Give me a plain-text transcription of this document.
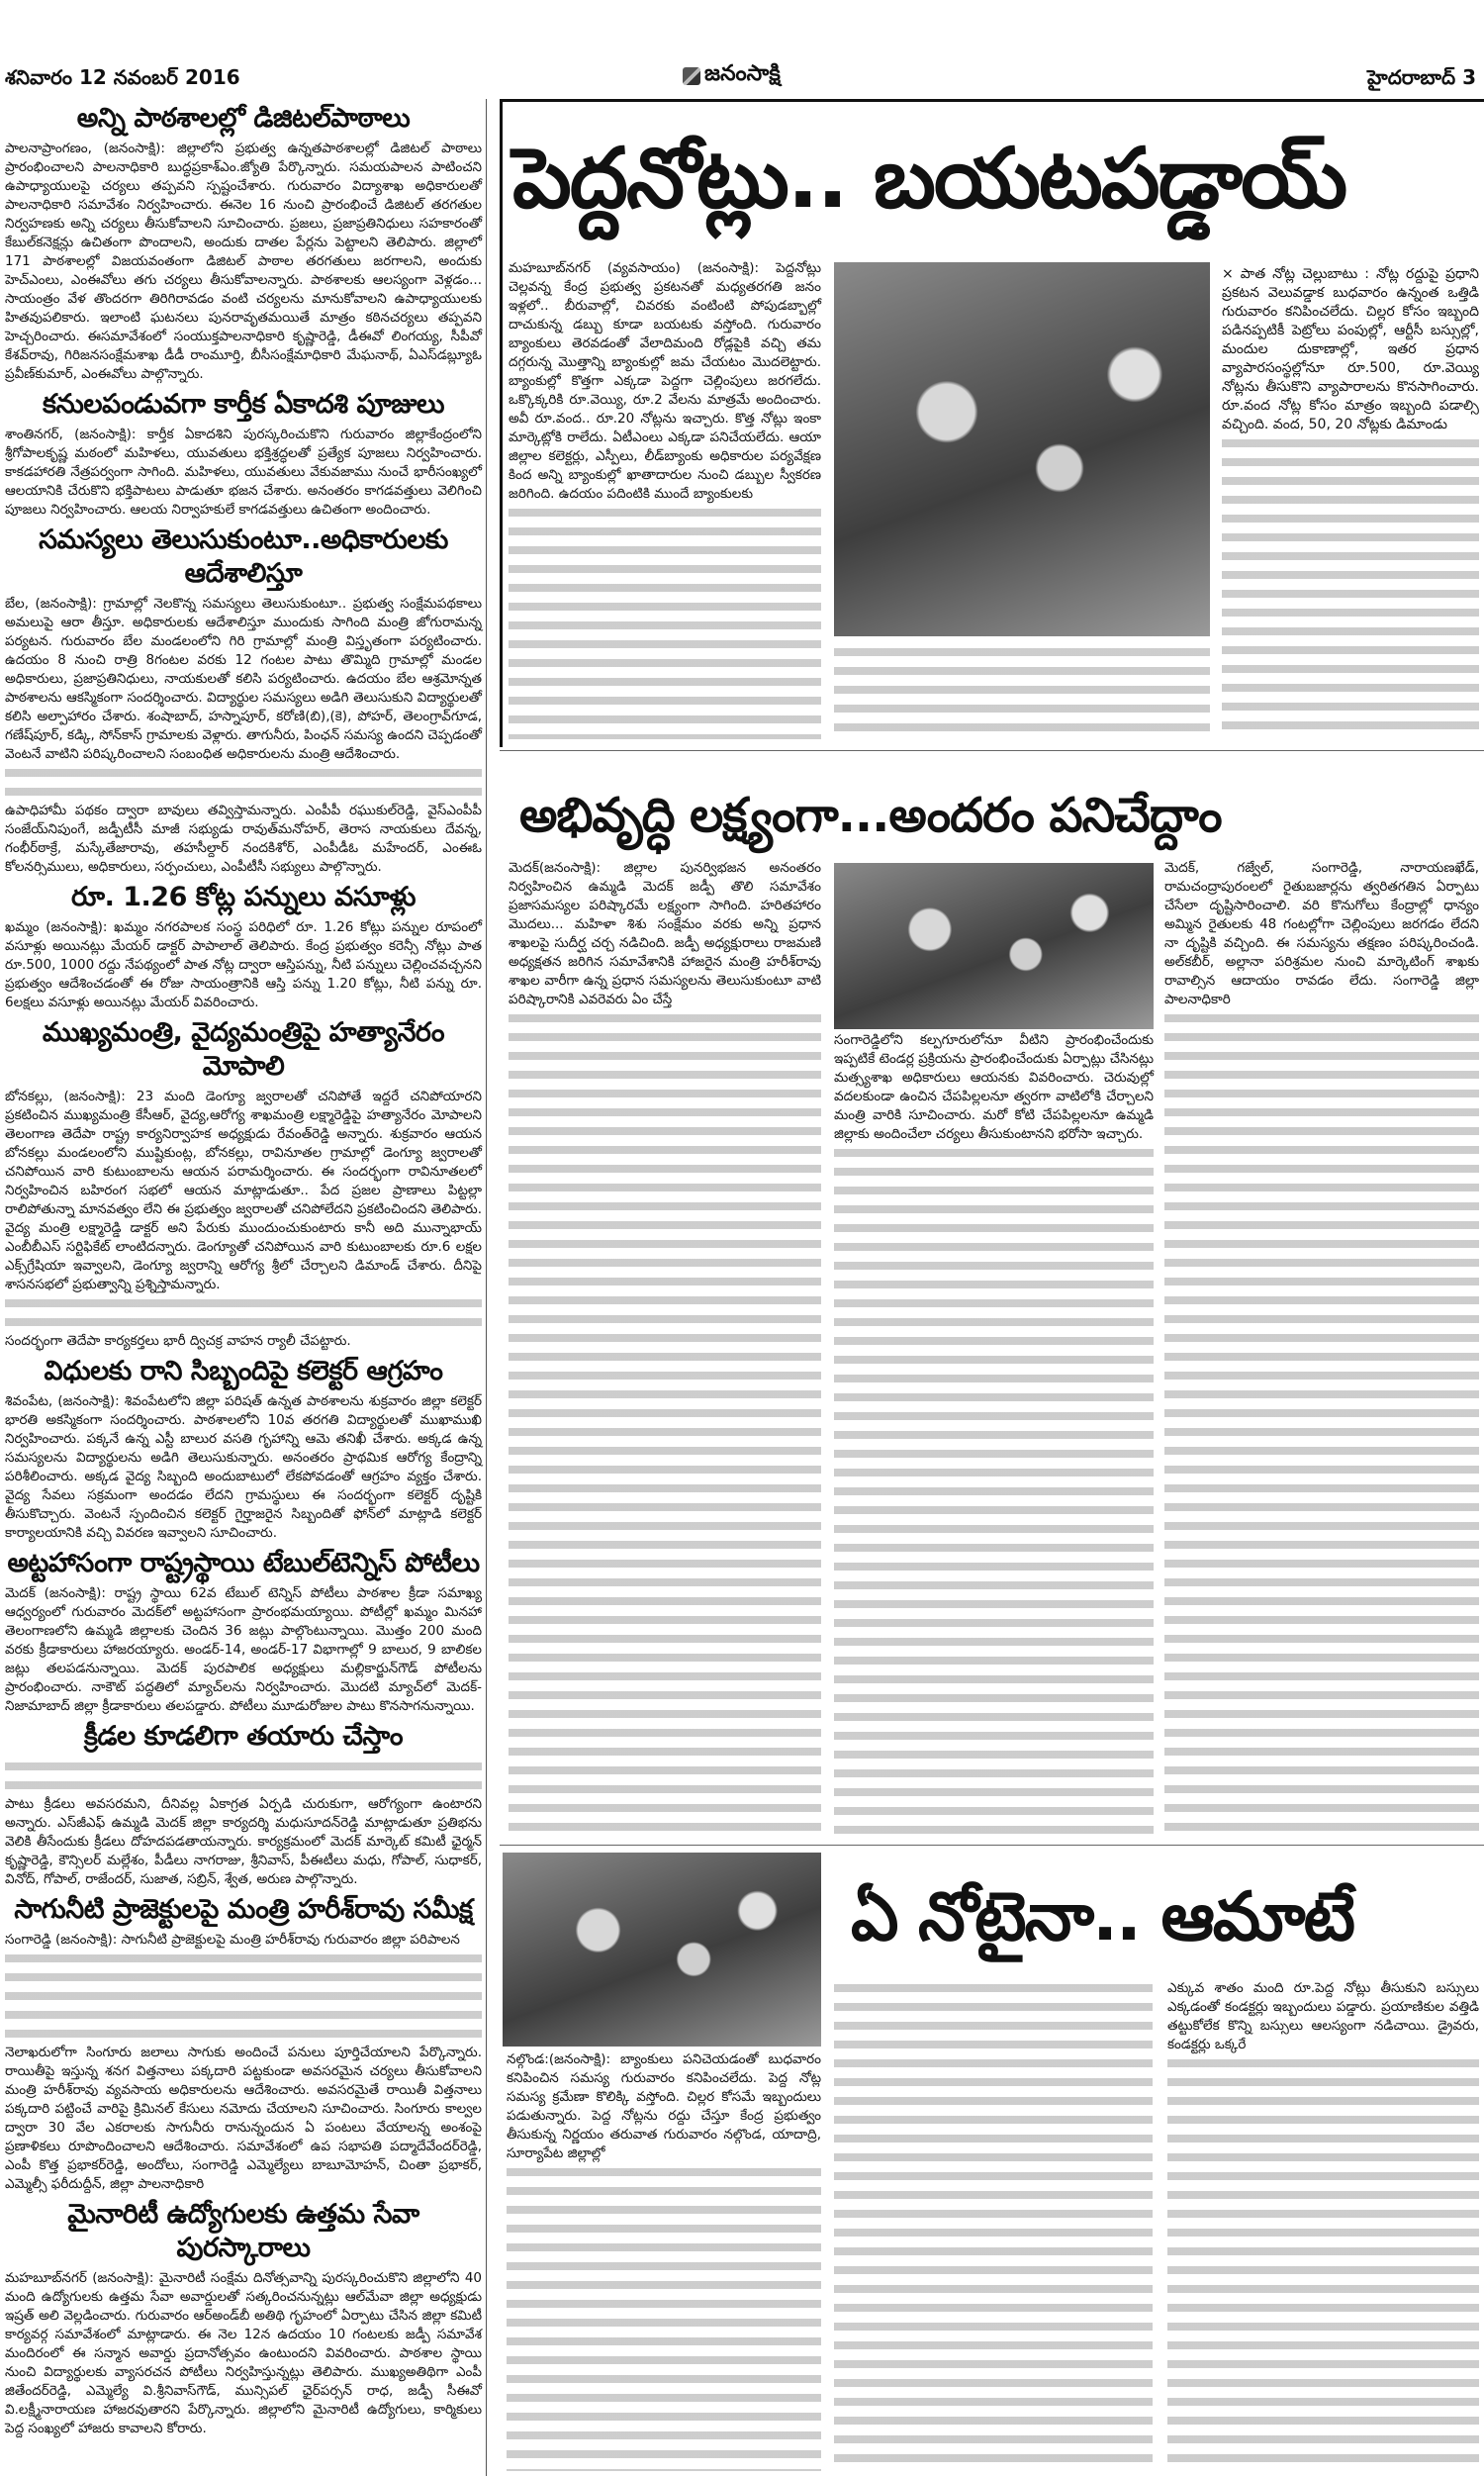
శనివారం 12 నవంబర్ 2016	జనంసాక్షి	హైదరాబాద్ 3
అన్ని పాఠశాలల్లో డిజిటల్‌పాఠాలు

పాలనాప్రాంగణం, (జనంసాక్షి): జిల్లాలోని ప్రభుత్వ ఉన్నతపాఠశాలల్లో డిజిటల్ పాఠాలు ప్రారంభించాలని పాలనాధికారి బుద్ధప్రకాశ్‌ఎం.జ్యోతి పేర్కొన్నారు. సమయపాలన పాటించని ఉపాధ్యాయులపై చర్యలు తప్పవని స్పష్టంచేశారు. గురువారం విద్యాశాఖ అధికారులతో పాలనాధికారి సమావేశం నిర్వహించారు. ఈనెల 16 నుంచి ప్రారంభించే డిజిటల్ తరగతుల నిర్వహణకు అన్ని చర్యలు తీసుకోవాలని సూచించారు. ప్రజలు, ప్రజాప్రతినిధులు సహకారంతో కేబుల్‌కనెక్షన్లు ఉచితంగా పొందాలని, అందుకు దాతల పేర్లను పెట్టాలని తెలిపారు. జిల్లాలో 171 పాఠశాలల్లో విజయవంతంగా డిజిటల్ పాఠాల తరగతులు జరగాలని, అందుకు హెచ్‌ఎంలు, ఎంఈవోలు తగు చర్యలు తీసుకోవాలన్నారు. పాఠశాలకు ఆలస్యంగా వెళ్లడం... సాయంత్రం వేళ తొందరగా తిరిగిరావడం వంటి చర్యలను మానుకోవాలని ఉపాధ్యాయులకు హితవుపలికారు. ఇలాంటి ఘటనలు పునరావృతమయితే మాత్రం కఠినచర్యలు తప్పవని హెచ్చరించారు. ఈసమావేశంలో సంయుక్తపాలనాధికారి కృష్ణారెడ్డి, డీఈవో లింగయ్య, సీపీవో కేశవ్‌రావు, గిరిజనసంక్షేమశాఖ డీడీ రాంమూర్తి, బీసీసంక్షేమాధికారి మేఘనాథ్, ఏఎస్‌డబ్ల్యూఓ ప్రవీణ్‌కుమార్, ఎంఈవోలు పాల్గొన్నారు.

కనులపండువగా కార్తీక ఏకాదశి పూజులు

శాంతినగర్, (జనంసాక్షి): కార్తీక ఏకాదశిని పురస్కరించుకొని గురువారం జిల్లాకేంద్రంలోని శ్రీగోపాలకృష్ణ మఠంలో మహిళలు, యువతులు భక్తిశ్రద్ధలతో ప్రత్యేక పూజలు నిర్వహించారు. కాకడహారతి నేత్రపర్వంగా సాగింది. మహిళలు, యువతులు వేకువజాము నుంచే భారీసంఖ్యలో ఆలయానికి చేరుకొని భక్తిపాటలు పాడుతూ భజన చేశారు. అనంతరం కాగడవత్తులు వెలిగించి పూజలు నిర్వహించారు. ఆలయ నిర్వాహకులే కాగడవత్తులు ఉచితంగా అందించారు.

సమస్యలు తెలుసుకుంటూ..అధికారులకు ఆదేశాలిస్తూ

బేల, (జనంసాక్షి): గ్రామాల్లో నెలకొన్న సమస్యలు తెలుసుకుంటూ.. ప్రభుత్వ సంక్షేమపథకాలు అమలుపై ఆరా తీస్తూ. అధికారులకు ఆదేశాలిస్తూ ముందుకు సాగింది మంత్రి జోగురామన్న పర్యటన. గురువారం బేల మండలంలోని గిరి గ్రామాల్లో మంత్రి విస్తృతంగా పర్యటించారు. ఉదయం 8 నుంచి రాత్రి 8గంటల వరకు 12 గంటల పాటు తొమ్మిది గ్రామాల్లో మండల అధికారులు, ప్రజాప్రతినిధులు, నాయకులతో కలిసి పర్యటించారు. ఉదయం బేల ఆశ్రమోన్నత పాఠశాలను ఆకస్మికంగా సందర్శించారు. విద్యార్థుల సమస్యలు అడిగి తెలుసుకుని విద్యార్థులతో కలిసి అల్పాహారం చేశారు. శంషాబాద్, హస్నాపూర్, కరోణి(బి),(కె), పోహర్, తెలంగ్రావ్‌గూడ, గణేష్‌పూర్, కడ్కి, సోన్‌కాస్ గ్రామాలకు వెళ్లారు. తాగునీరు, పింఛన్ సమస్య ఉందని చెప్పడంతో వెంటనే వాటిని పరిష్కరించాలని సంబంధిత అధికారులను మంత్రి ఆదేశించారు.

ఉపాధిహామీ పథకం ద్వారా బావులు తవ్విస్తామన్నారు. ఎంపీపీ రఘుకుల్‌రెడ్డి, వైస్‌ఎంపీపీ సంజేయ్‌నిపుంగే, జడ్పీటీసీ మాజీ సభ్యుడు రావుత్‌మనోహర్, తెరాస నాయకులు దేవన్న, గంభీర్‌ఠాక్రే, మస్కేతేజారావు, తహసీల్దార్ నందకిశోర్, ఎంపీడీఓ మహేందర్, ఎంఈఓ కోలనర్సిములు, అధికారులు, సర్పంచులు, ఎంపీటీసీ సభ్యులు పాల్గొన్నారు.

రూ. 1.26 కోట్ల పన్నులు వసూళ్లు

ఖమ్మం (జనంసాక్షి): ఖమ్మం నగరపాలక సంస్థ పరిధిలో రూ. 1.26 కోట్లు పన్నుల రూపంలో వసూళ్లు అయినట్లు మేయర్ డాక్టర్ పాపాలాల్ తెలిపారు. కేంద్ర ప్రభుత్వం కరెన్సీ నోట్లు పాత రూ.500, 1000 రద్దు నేపథ్యంలో పాత నోట్ల ద్వారా ఆస్తిపన్ను, నీటి పన్నులు చెల్లించవచ్చనని ప్రభుత్వం ఆదేశించడంతో ఈ రోజు సాయంత్రానికి ఆస్తి పన్ను 1.20 కోట్లు, నీటి పన్ను రూ. 6లక్షలు వసూళ్లు అయినట్లు మేయర్ వివరించారు.

ముఖ్యమంత్రి, వైద్యమంత్రిపై హత్యానేరం మోపాలి

బోనకల్లు, (జనంసాక్షి): 23 మంది డెంగ్యూ జ్వరాలతో చనిపోతే ఇద్దరే చనిపోయారని ప్రకటించిన ముఖ్యమంత్రి కేసీఆర్, వైద్య,ఆరోగ్య శాఖమంత్రి లక్ష్మారెడ్డిపై హత్యానేరం మోపాలని తెలంగాణ తెదేపా రాష్ట్ర కార్యనిర్వాహక అధ్యక్షుడు రేవంత్‌రెడ్డి అన్నారు. శుక్రవారం ఆయన బోనకల్లు మండలంలోని ముష్టికుంట్ల, బోనకల్లు, రావినూతల గ్రామాల్లో డెంగ్యూ జ్వరాలతో చనిపోయిన వారి కుటుంబాలను ఆయన పరామర్శించారు. ఈ సందర్భంగా రావినూతలలో నిర్వహించిన బహిరంగ సభలో ఆయన మాట్లాడుతూ.. పేద ప్రజల ప్రాణాలు పిట్టల్లా రాలిపోతున్నా మానవత్వం లేని ఈ ప్రభుత్వం జ్వరాలతో చనిపోలేదని ప్రకటించిందని తెలిపారు. వైద్య మంత్రి లక్ష్మారెడ్డి డాక్టర్ అని పేరుకు ముందుంచుకుంటారు కానీ అది మున్నాభాయ్ ఎంబీబీఎస్ సర్టిఫికేట్ లాంటిదన్నారు. డెంగ్యూతో చనిపోయిన వారి కుటుంబాలకు రూ.6 లక్షల ఎక్స్‌గ్రేషియా ఇవ్వాలని, డెంగ్యూ జ్వరాన్ని ఆరోగ్య శ్రీలో చేర్చాలని డిమాండ్ చేశారు. దీనిపై శాసనసభలో ప్రభుత్వాన్ని ప్రశ్నిస్తామన్నారు.

సందర్భంగా తెదేపా కార్యకర్తలు భారీ ద్విచక్ర వాహన ర్యాలీ చేపట్టారు.

విధులకు రాని సిబ్బందిపై కలెక్టర్ ఆగ్రహం

శివంపేట, (జనంసాక్షి): శివంపేటలోని జిల్లా పరిషత్ ఉన్నత పాఠశాలను శుక్రవారం జిల్లా కలెక్టర్ భారతి అకస్మికంగా సందర్శించారు. పాఠశాలలోని 10వ తరగతి విద్యార్థులతో ముఖాముఖి నిర్వహించారు. పక్కనే ఉన్న ఎస్టీ బాలుర వసతి గృహాన్ని ఆమె తనిఖీ చేశారు. అక్కడ ఉన్న సమస్యలను విద్యార్థులను అడిగి తెలుసుకున్నారు. అనంతరం ప్రాథమిక ఆరోగ్య కేంద్రాన్ని పరిశీలించారు. అక్కడ వైద్య సిబ్బంది అందుబాటులో లేకపోవడంతో ఆగ్రహం వ్యక్తం చేశారు. వైద్య సేవలు సక్రమంగా అందడం లేదని గ్రామస్థులు ఈ సందర్భంగా కలెక్టర్ దృష్టికి తీసుకొచ్చారు. వెంటనే స్పందించిన కలెక్టర్ గైర్హాజరైన సిబ్బందితో ఫోన్‌లో మాట్లాడి కలెక్టర్ కార్యాలయానికి వచ్చి వివరణ ఇవ్వాలని సూచించారు.

అట్టహాసంగా రాష్ట్రస్థాయి టేబుల్‌టెన్నిస్ పోటీలు

మెదక్ (జనంసాక్షి): రాష్ట్ర స్థాయి 62వ టేబుల్ టెన్నిస్ పోటీలు పాఠశాల క్రీడా సమాఖ్య ఆధ్వర్యంలో గురువారం మెదక్‌లో అట్టహాసంగా ప్రారంభమయ్యాయి. పోటీల్లో ఖమ్మం మినహా తెలంగాణలోని ఉమ్మడి జిల్లాలకు చెందిన 36 జట్లు పాల్గొంటున్నాయి. మొత్తం 200 మంది వరకు క్రీడాకారులు హాజరయ్యారు. అండర్-14, అండర్-17 విభాగాల్లో 9 బాలుర, 9 బాలికల జట్లు తలపడనున్నాయి. మెదక్ పురపాలిక అధ్యక్షులు మల్లికార్జున్‌గౌడ్ పోటీలను ప్రారంభించారు. నాకౌట్ పద్ధతిలో మ్యాచ్‌లను నిర్వహించారు. మొదటి మ్యాచ్‌లో మెదక్-నిజామాబాద్ జిల్లా క్రీడాకారులు తలపడ్డారు. పోటీలు మూడురోజుల పాటు కొనసాగనున్నాయి.

క్రీడల కూడలిగా తయారు చేస్తాం

పాటు క్రీడలు అవసరమని, దీనివల్ల ఏకాగ్రత ఏర్పడి చురుకుగా, ఆరోగ్యంగా ఉంటారని అన్నారు. ఎస్‌జీఎఫ్ ఉమ్మడి మెదక్ జిల్లా కార్యదర్శి మధుసూదన్‌రెడ్డి మాట్లాడుతూ ప్రతిభను వెలికి తీసేందుకు క్రీడలు దోహదపడతాయన్నారు. కార్యక్రమంలో మెదక్ మార్కెట్ కమిటీ ఛైర్మన్ కృష్ణారెడ్డి, కౌన్సిలర్ మల్లేశం, పీడీలు నాగరాజు, శ్రీనివాస్, పీఈటీలు మధు, గోపాల్, సుధాకర్, వినోద్, గోపాల్, రాజేందర్, సుజాత, సబ్రిన్, శ్వేత, అరుణ పాల్గొన్నారు.

సాగునీటి ప్రాజెక్టులపై మంత్రి హరీశ్‌రావు సమీక్ష

సంగారెడ్డి (జనంసాక్షి): సాగునీటి ప్రాజెక్టులపై మంత్రి హరీశ్‌రావు గురువారం జిల్లా పరిపాలన

నెలాఖరులోగా సింగూరు జలాలు సాగుకు అందించే పనులు పూర్తిచేయాలని పేర్కొన్నారు. రాయితీపై ఇస్తున్న శనగ విత్తనాలు పక్కదారి పట్టకుండా అవసరమైన చర్యలు తీసుకోవాలని మంత్రి హరీశ్‌రావు వ్యవసాయ అధికారులను ఆదేశించారు. అవసరమైతే రాయితీ విత్తనాలు పక్కదారి పట్టించే వారిపై క్రిమినల్ కేసులు నమోదు చేయాలని సూచించారు. సింగూరు కాల్వల ద్వారా 30 వేల ఎకరాలకు సాగునీరు రానున్నందున ఏ పంటలు వేయాలన్న అంశంపై ప్రణాళికలు రూపొందించాలని ఆదేశించారు. సమావేశంలో ఉప సభాపతి పద్మాదేవేందర్‌రెడ్డి, ఎంపీ కొత్త ప్రభాకర్‌రెడ్డి, అందోలు, సంగారెడ్డి ఎమ్మెల్యేలు బాబూమోహన్, చింతా ప్రభాకర్, ఎమ్మెల్సీ ఫరీదుద్దీన్, జిల్లా పాలనాధికారి

మైనారిటీ ఉద్యోగులకు ఉత్తమ సేవా పురస్కారాలు

మహబూబ్‌నగర్ (జనంసాక్షి): మైనారిటీ సంక్షేమ దినోత్సవాన్ని పురస్కరించుకొని జిల్లాలోని 40 మంది ఉద్యోగులకు ఉత్తమ సేవా అవార్డులతో సత్కరించనున్నట్లు ఆల్‌మేవా జిల్లా అధ్యక్షుడు ఇష్రత్ అలి వెల్లడించారు. గురువారం ఆర్‌అండ్‌బీ అతిథి గృహంలో ఏర్పాటు చేసిన జిల్లా కమిటీ కార్యవర్గ సమావేశంలో మాట్లాడారు. ఈ నెల 12న ఉదయం 10 గంటలకు జడ్పీ సమావేశ మందిరంలో ఈ సన్మాన అవార్డు ప్రదానోత్సవం ఉంటుందని వివరించారు. పాఠశాల స్థాయి నుంచి విద్యార్థులకు వ్యాసరచన పోటీలు నిర్వహిస్తున్నట్లు తెలిపారు. ముఖ్యఅతిథిగా ఎంపీ జితేందర్‌రెడ్డి, ఎమ్మెల్యే వి.శ్రీనివాస్‌గౌడ్, మున్సిపల్ ఛైర్‌పర్సన్ రాధ, జడ్పీ సీఈవో వి.లక్ష్మీనారాయణ హాజరవుతారని పేర్కొన్నారు. జిల్లాలోని మైనారిటీ ఉద్యోగులు, కార్మికులు పెద్ద సంఖ్యలో హాజరు కావాలని కోరారు.

పెద్దనోట్లు.. బయటపడ్డాయ్

మహబూబ్‌నగర్ (వ్యవసాయం) (జనంసాక్షి): పెద్దనోట్లు చెల్లవన్న కేంద్ర ప్రభుత్వ ప్రకటనతో మధ్యతరగతి జనం ఇళ్లలో.. బీరువాల్లో, చివరకు వంటింటి పోపుడబ్బాల్లో దాచుకున్న డబ్బు కూడా బయటకు వస్తోంది. గురువారం బ్యాంకులు తెరవడంతో వేలాదిమంది రోడ్లపైకి వచ్చి తమ దగ్గరున్న మొత్తాన్ని బ్యాంకుల్లో జమ చేయటం మొదలెట్టారు. బ్యాంకుల్లో కొత్తగా ఎక్కడా పెద్దగా చెల్లింపులు జరగలేదు. ఒక్కొక్కరికి రూ.వెయ్యి, రూ.2 వేలను మాత్రమే అందించారు. అవీ రూ.వంద.. రూ.20 నోట్లను ఇచ్చారు. కొత్త నోట్లు ఇంకా మార్కెట్లోకి రాలేదు. ఏటీఎంలు ఎక్కడా పనిచేయలేదు. ఆయా జిల్లాల కలెక్టర్లు, ఎస్పీలు, లీడ్‌బ్యాంకు అధికారుల పర్యవేక్షణ కింద అన్ని బ్యాంకుల్లో ఖాతాదారుల నుంచి డబ్బుల స్వీకరణ జరిగింది. ఉదయం పదింటికి ముందే బ్యాంకులకు

× పాత నోట్ల చెల్లుబాటు : నోట్ల రద్దుపై ప్రధాని ప్రకటన వెలువడ్డాక బుధవారం ఉన్నంత ఒత్తిడి గురువారం కనిపించలేదు. చిల్లర కోసం ఇబ్బంది పడినప్పటికీ పెట్రోలు పంపుల్లో, ఆర్టీసీ బస్సుల్లో, మందుల దుకాణాల్లో, ఇతర ప్రధాన వ్యాపారసంస్థల్లోనూ రూ.500, రూ.వెయ్యి నోట్లను తీసుకొని వ్యాపారాలను కొనసాగించారు. రూ.వంద నోట్ల కోసం మాత్రం ఇబ్బంది పడాల్సి వచ్చింది. వంద, 50, 20 నోట్లకు డిమాండు

అభివృద్ధి లక్ష్యంగా...అందరం పనిచేద్దాం

మెదక్(జనంసాక్షి): జిల్లాల పునర్విభజన అనంతరం నిర్వహించిన ఉమ్మడి మెదక్ జడ్పీ తొలి సమావేశం ప్రజాసమస్యల పరిష్కారమే లక్ష్యంగా సాగింది. హరితహారం మొదలు... మహిళా శిశు సంక్షేమం వరకు అన్ని ప్రధాన శాఖలపై సుదీర్ఘ చర్చ నడిచింది. జడ్పీ అధ్యక్షురాలు రాజమణి అధ్యక్షతన జరిగిన సమావేశానికి హాజరైన మంత్రి హరీశ్‌రావు శాఖల వారీగా ఉన్న ప్రధాన సమస్యలను తెలుసుకుంటూ వాటి పరిష్కారానికి ఎవరెవరు ఏం చేస్తే

సంగారెడ్డిలోని కల్పగూరులోనూ వీటిని ప్రారంభించేందుకు ఇప్పటికే టెండర్ల ప్రక్రియను ప్రారంభించేందుకు ఏర్పాట్లు చేసినట్లు మత్స్యశాఖ అధికారులు ఆయనకు వివరించారు. చెరువుల్లో వదలకుండా ఉంచిన చేపపిల్లలనూ త్వరగా వాటిలోకి చేర్చాలని మంత్రి వారికి సూచించారు. మరో కోటి చేపపిల్లలనూ ఉమ్మడి జిల్లాకు అందించేలా చర్యలు తీసుకుంటానని భరోసా ఇచ్చారు.

మెదక్, గజ్వేల్, సంగారెడ్డి, నారాయణఖేడ్, రామచంద్రాపురంలలో రైతుబజార్లను త్వరితగతిన ఏర్పాటు చేసేలా దృష్టిసారించాలి. వరి కొనుగోలు కేంద్రాల్లో ధాన్యం అమ్మిన రైతులకు 48 గంటల్లోగా చెల్లింపులు జరగడం లేదని నా దృష్టికి వచ్చింది. ఈ సమస్యను తక్షణం పరిష్కరించండి. అల్‌కబీర్, అల్లానా పరిశ్రమల నుంచి మార్కెటింగ్ శాఖకు రావాల్సిన ఆదాయం రావడం లేదు. సంగారెడ్డి జిల్లా పాలనాధికారి

ఏ నోటైనా.. ఆమాటే

నల్గొండ:(జనంసాక్షి): బ్యాంకులు పనిచెయడంతో బుధవారం కనిపించిన సమస్య గురువారం కనిపించలేదు. పెద్ద నోట్ల సమస్య క్రమేణా కొలిక్కి వస్తోంది. చిల్లర కోసమే ఇబ్బందులు పడుతున్నారు. పెద్ద నోట్లను రద్దు చేస్తూ కేంద్ర ప్రభుత్వం తీసుకున్న నిర్ణయం తరువాత గురువారం నల్గొండ, యాదాద్రి, సూర్యాపేట జిల్లాల్లో

ఎక్కువ శాతం మంది రూ.పెద్ద నోట్లు తీసుకుని బస్సులు ఎక్కడంతో కండక్టర్లు ఇబ్బందులు పడ్డారు. ప్రయాణికుల వత్తిడి తట్టుకోలేక కొన్ని బస్సులు ఆలస్యంగా నడిచాయి. డ్రైవరు, కండక్టర్లు ఒక్కరే
